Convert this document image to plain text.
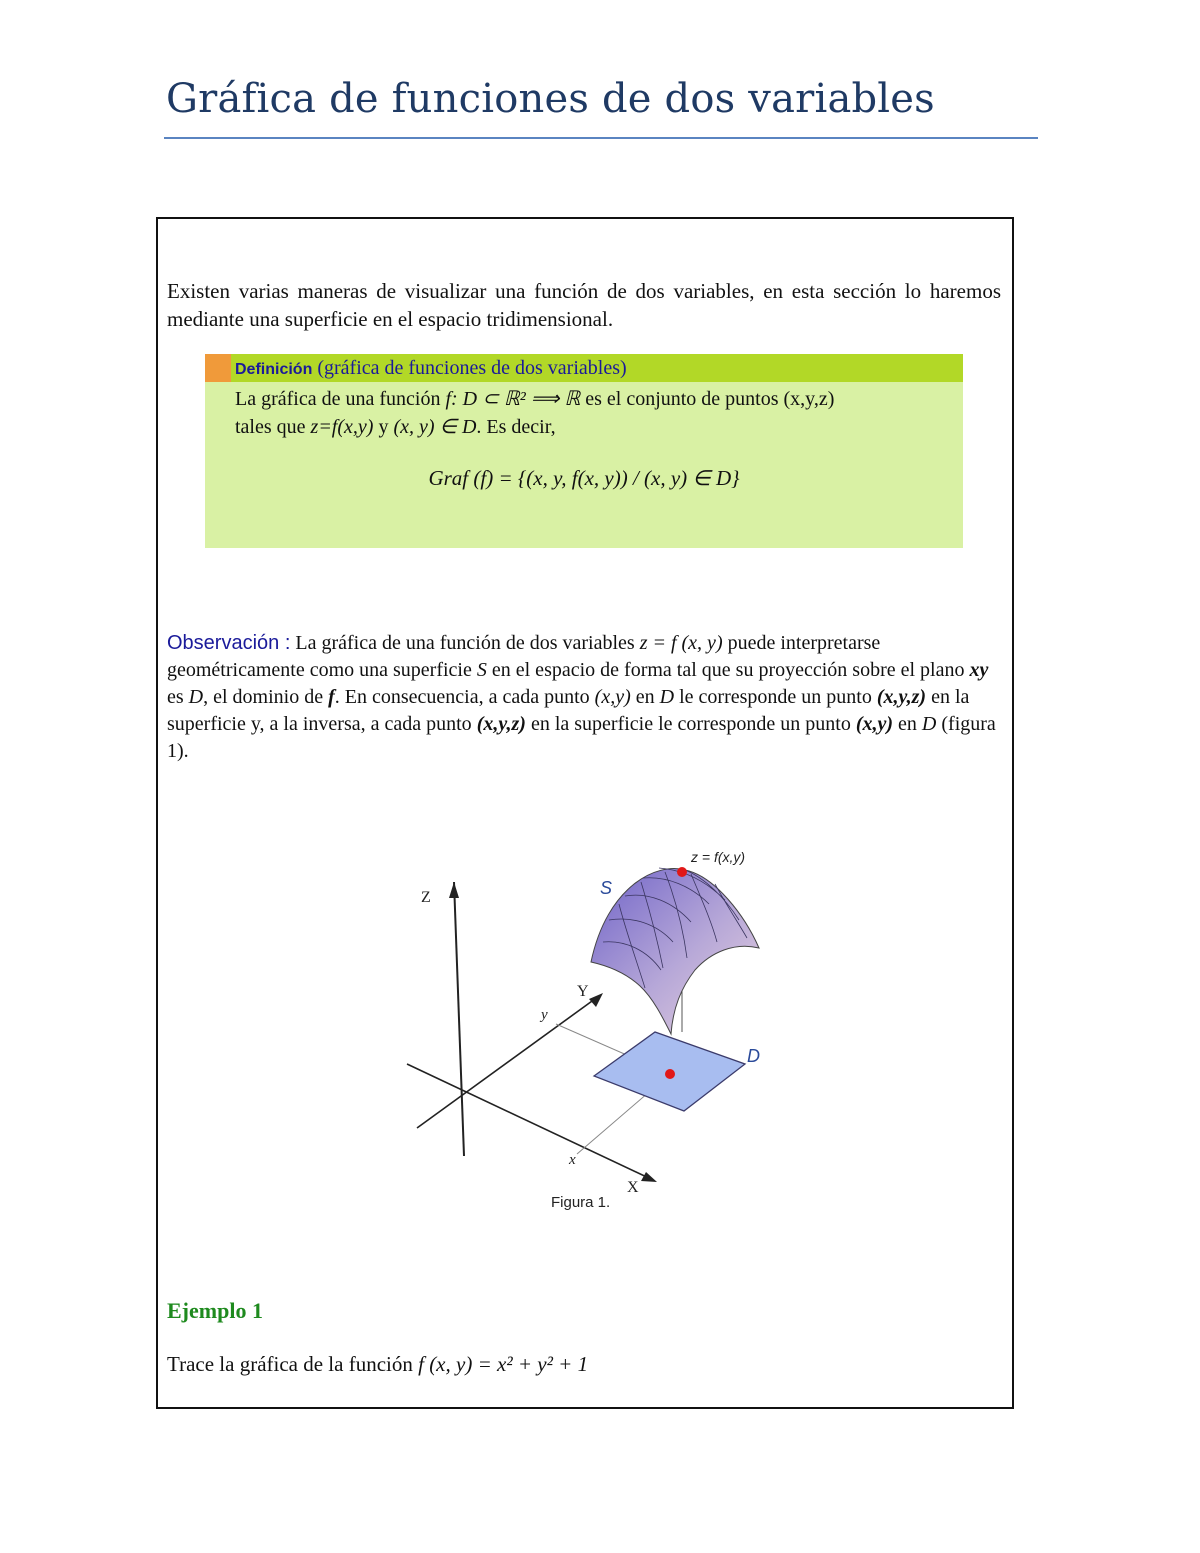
Gráfica de funciones de dos variables
Existen varias maneras de visualizar una función de dos variables, en esta sección lo haremos mediante una superficie en el espacio tridimensional.
Definición (gráfica de funciones de dos variables)
La gráfica de una función f: D ⊂ ℝ² ⟹ ℝ es el conjunto de puntos (x,y,z)
tales que z=f(x,y) y (x, y) ∈ D. Es decir,
Graf (f) = {(x, y, f(x, y)) / (x, y) ∈ D}
Observación : La gráfica de una función de dos variables z = f (x, y) puede interpretarse geométricamente como una superficie S en el espacio de forma tal que su proyección sobre el plano xy es D, el dominio de f. En consecuencia, a cada punto (x,y) en D le corresponde un punto (x,y,z) en la superficie y, a la inversa, a cada punto (x,y,z) en la superficie le corresponde un punto (x,y) en D (figura 1).
S
z = f(x,y)
Z
Y
X
y
x
D
Figura 1.
Ejemplo 1
Trace la gráfica de la función f (x, y) = x² + y² + 1
